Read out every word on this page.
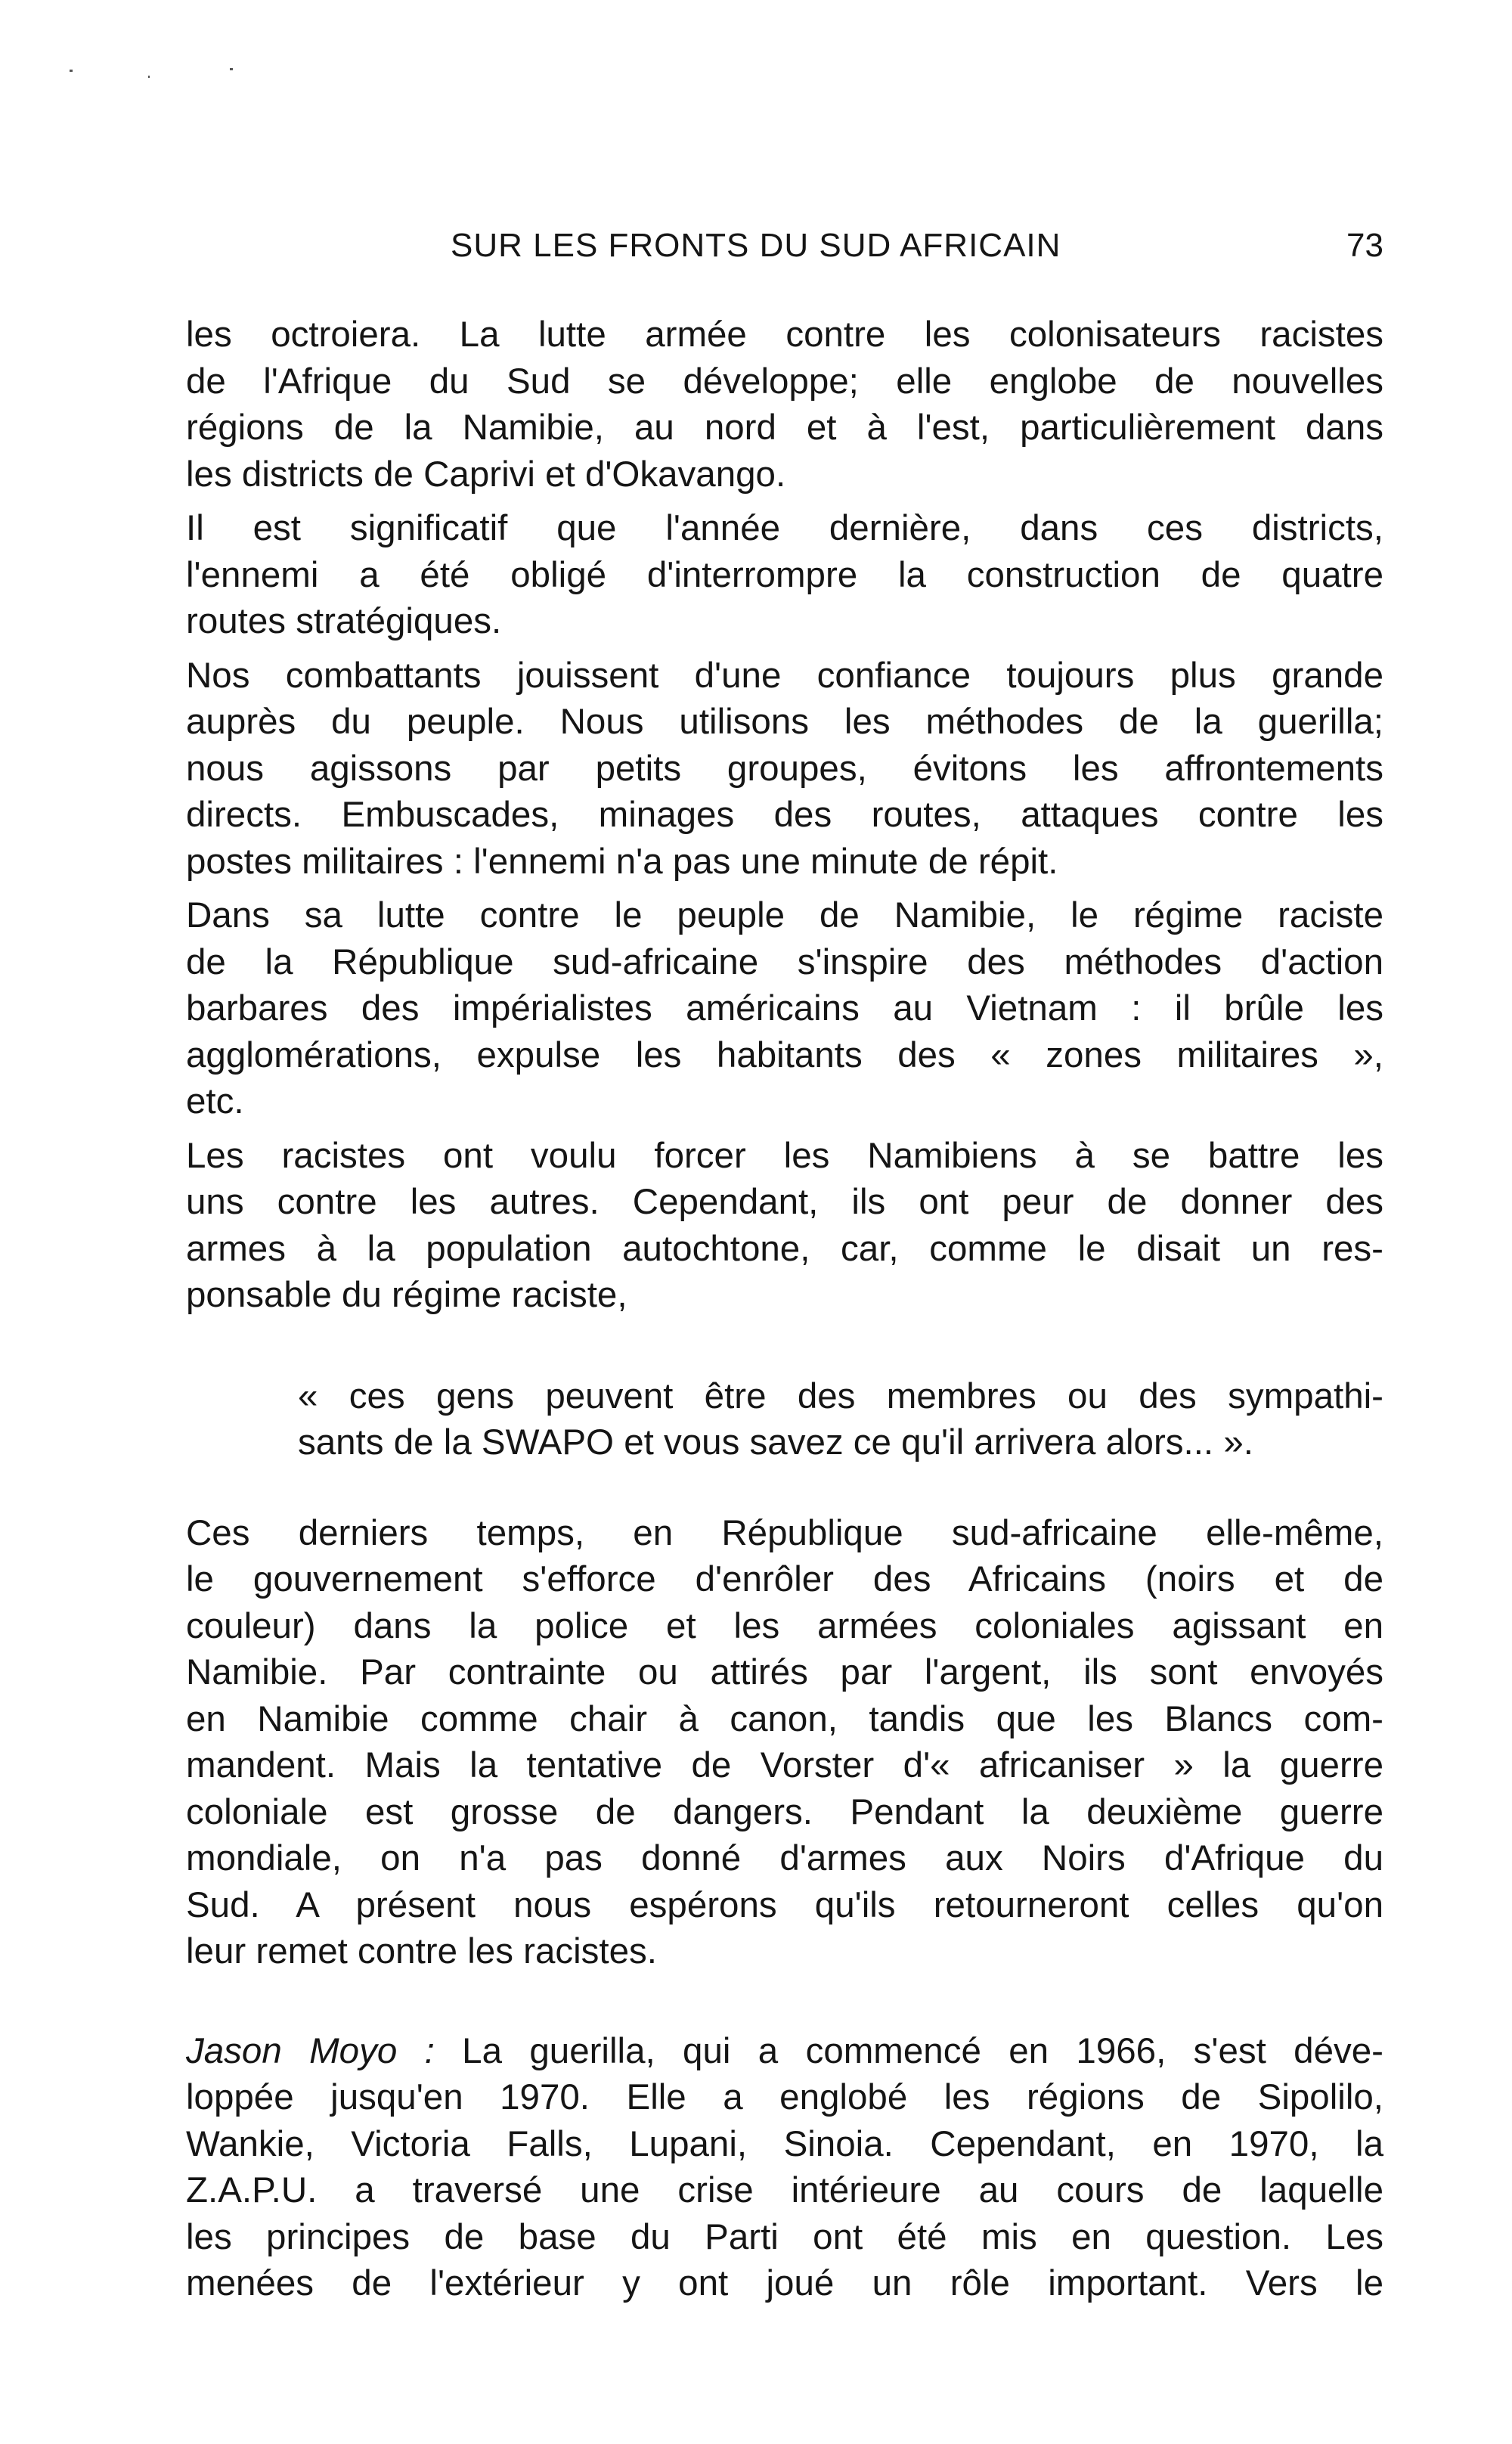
SUR LES FRONTS DU SUD AFRICAIN	73

les octroiera. La lutte armée contre les colonisateurs racistes
de l'Afrique du Sud se développe; elle englobe de nouvelles
régions de la Namibie, au nord et à l'est, particulièrement dans
les districts de Caprivi et d'Okavango.

Il est significatif que l'année dernière, dans ces districts,
l'ennemi a été obligé d'interrompre la construction de quatre
routes stratégiques.

Nos combattants jouissent d'une confiance toujours plus grande
auprès du peuple. Nous utilisons les méthodes de la guerilla;
nous agissons par petits groupes, évitons les affrontements
directs. Embuscades, minages des routes, attaques contre les
postes militaires : l'ennemi n'a pas une minute de répit.

Dans sa lutte contre le peuple de Namibie, le régime raciste
de la République sud-africaine s'inspire des méthodes d'action
barbares des impérialistes américains au Vietnam : il brûle les
agglomérations, expulse les habitants des « zones militaires »,
etc.

Les racistes ont voulu forcer les Namibiens à se battre les
uns contre les autres. Cependant, ils ont peur de donner des
armes à la population autochtone, car, comme le disait un res-
ponsable du régime raciste,

« ces gens peuvent être des membres ou des sympathi-
sants de la SWAPO et vous savez ce qu'il arrivera alors... ».

Ces derniers temps, en République sud-africaine elle-même,
le gouvernement s'efforce d'enrôler des Africains (noirs et de
couleur) dans la police et les armées coloniales agissant en
Namibie. Par contrainte ou attirés par l'argent, ils sont envoyés
en Namibie comme chair à canon, tandis que les Blancs com-
mandent. Mais la tentative de Vorster d'« africaniser » la guerre
coloniale est grosse de dangers. Pendant la deuxième guerre
mondiale, on n'a pas donné d'armes aux Noirs d'Afrique du
Sud. A présent nous espérons qu'ils retourneront celles qu'on
leur remet contre les racistes.

Jason Moyo : La guerilla, qui a commencé en 1966, s'est déve-
loppée jusqu'en 1970. Elle a englobé les régions de Sipolilo,
Wankie, Victoria Falls, Lupani, Sinoia. Cependant, en 1970, la
Z.A.P.U. a traversé une crise intérieure au cours de laquelle
les principes de base du Parti ont été mis en question. Les
menées de l'extérieur y ont joué un rôle important. Vers le
